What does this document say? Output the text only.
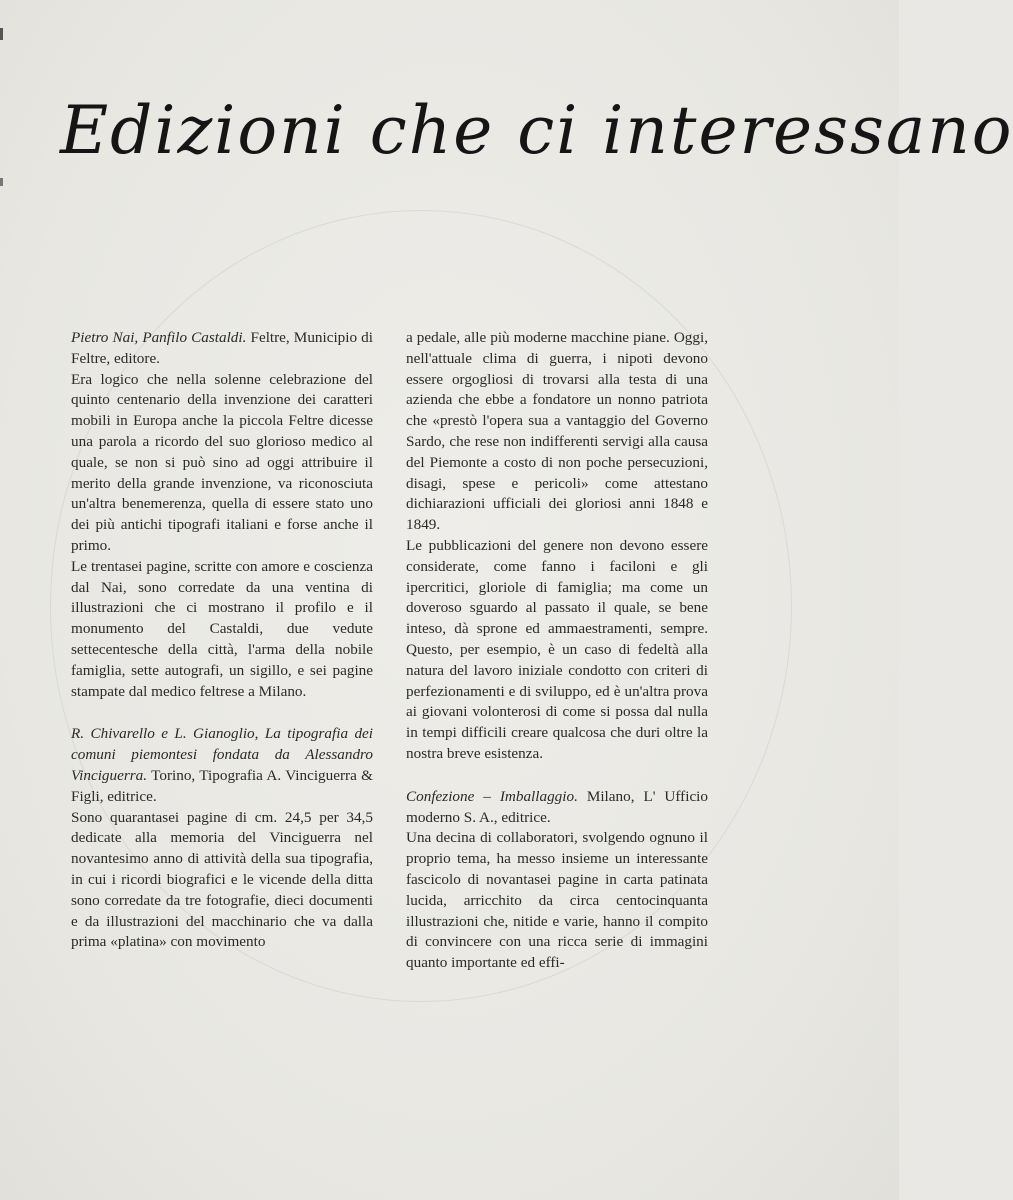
Edizioni che ci interessano

Pietro Nai, Panfilo Castaldi. Feltre, Municipio di Feltre, editore.

Era logico che nella solenne celebrazione del quinto centenario della invenzione dei caratteri mobili in Europa anche la piccola Feltre dicesse una parola a ricordo del suo glorioso medico al quale, se non si può sino ad oggi attribuire il merito della grande invenzione, va riconosciuta un'altra benemerenza, quella di essere stato uno dei più antichi tipografi italiani e forse anche il primo.

Le trentasei pagine, scritte con amore e coscienza dal Nai, sono corredate da una ventina di illustrazioni che ci mostrano il profilo e il monumento del Castaldi, due vedute settecentesche della città, l'arma della nobile famiglia, sette autografi, un sigillo, e sei pagine stampate dal medico feltrese a Milano.

R. Chivarello e L. Gianoglio, La tipografia dei comuni piemontesi fondata da Alessandro Vinciguerra. Torino, Tipografia A. Vinciguerra & Figli, editrice.

Sono quarantasei pagine di cm. 24,5 per 34,5 dedicate alla memoria del Vinciguerra nel novantesimo anno di attività della sua tipografia, in cui i ricordi biografici e le vicende della ditta sono corredate da tre fotografie, dieci documenti e da illustrazioni del macchinario che va dalla prima «platina» con movimento

a pedale, alle più moderne macchine piane. Oggi, nell'attuale clima di guerra, i nipoti devono essere orgogliosi di trovarsi alla testa di una azienda che ebbe a fondatore un nonno patriota che «prestò l'opera sua a vantaggio del Governo Sardo, che rese non indifferenti servigi alla causa del Piemonte a costo di non poche persecuzioni, disagi, spese e pericoli» come attestano dichiarazioni ufficiali dei gloriosi anni 1848 e 1849.

Le pubblicazioni del genere non devono essere considerate, come fanno i faciloni e gli ipercritici, gloriole di famiglia; ma come un doveroso sguardo al passato il quale, se bene inteso, dà sprone ed ammaestramenti, sempre. Questo, per esempio, è un caso di fedeltà alla natura del lavoro iniziale condotto con criteri di perfezionamenti e di sviluppo, ed è un'altra prova ai giovani volonterosi di come si possa dal nulla in tempi difficili creare qualcosa che duri oltre la nostra breve esistenza.

Confezione – Imballaggio. Milano, L' Ufficio moderno S. A., editrice.

Una decina di collaboratori, svolgendo ognuno il proprio tema, ha messo insieme un interessante fascicolo di novantasei pagine in carta patinata lucida, arricchito da circa centocinquanta illustrazioni che, nitide e varie, hanno il compito di convincere con una ricca serie di immagini quanto importante ed effi-
